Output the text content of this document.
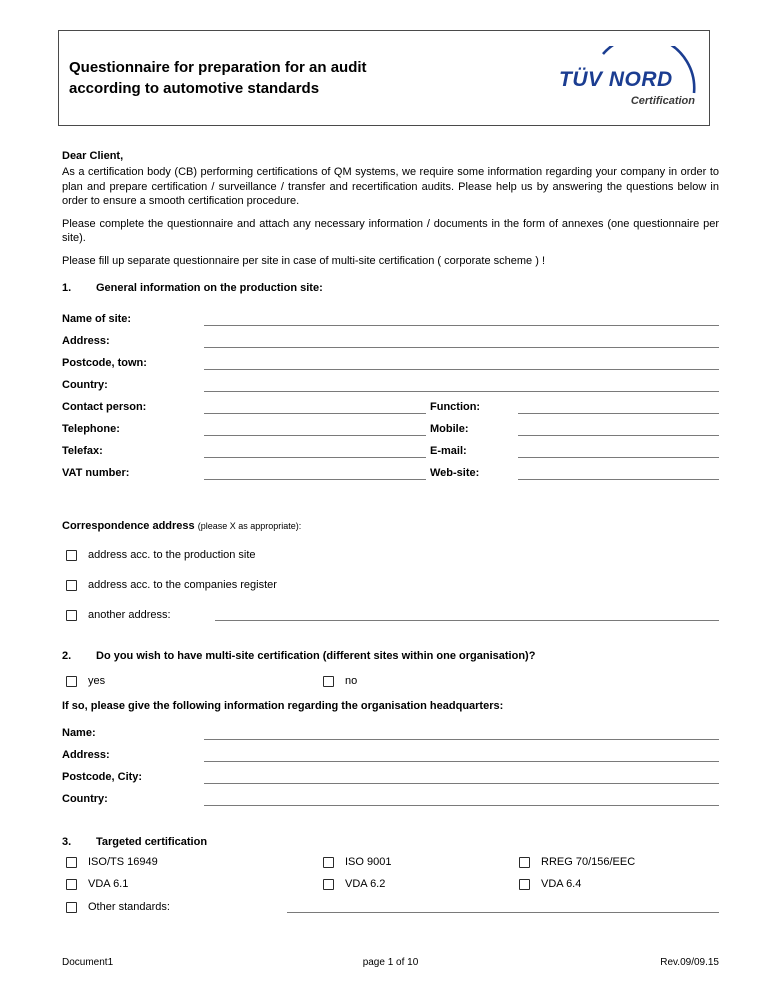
Questionnaire for preparation for an audit
according to automotive standards	TÜV NORD
Certification
Dear Client,

As a certification body (CB) performing certifications of QM systems, we require some information regarding your company in order to plan and prepare certification / surveillance / transfer and recertification audits. Please help us by answering the questions below in order to ensure a smooth certification procedure.

Please complete the questionnaire and attach any necessary information / documents in the form of annexes (one questionnaire per site).

Please fill up separate questionnaire per site in case of multi-site certification ( corporate scheme ) !

1.	General information on the production site:
Name of site:
Address:
Postcode, town:
Country:
Contact person:	Function:
Telephone:	Mobile:
Telefax:	E-mail:
VAT number:	Web-site:
Correspondence address (please X as appropriate):
address acc. to the production site
address acc. to the companies register
another address:
2.	Do you wish to have multi-site certification (different sites within one organisation)?
yes	no
If so, please give the following information regarding the organisation headquarters:
Name:
Address:
Postcode, City:
Country:
3.	Targeted certification
ISO/TS 16949	ISO 9001	RREG 70/156/EEC
VDA 6.1	VDA 6.2	VDA 6.4
Other standards:
Document1	page 1 of 10	Rev.09/09.15
